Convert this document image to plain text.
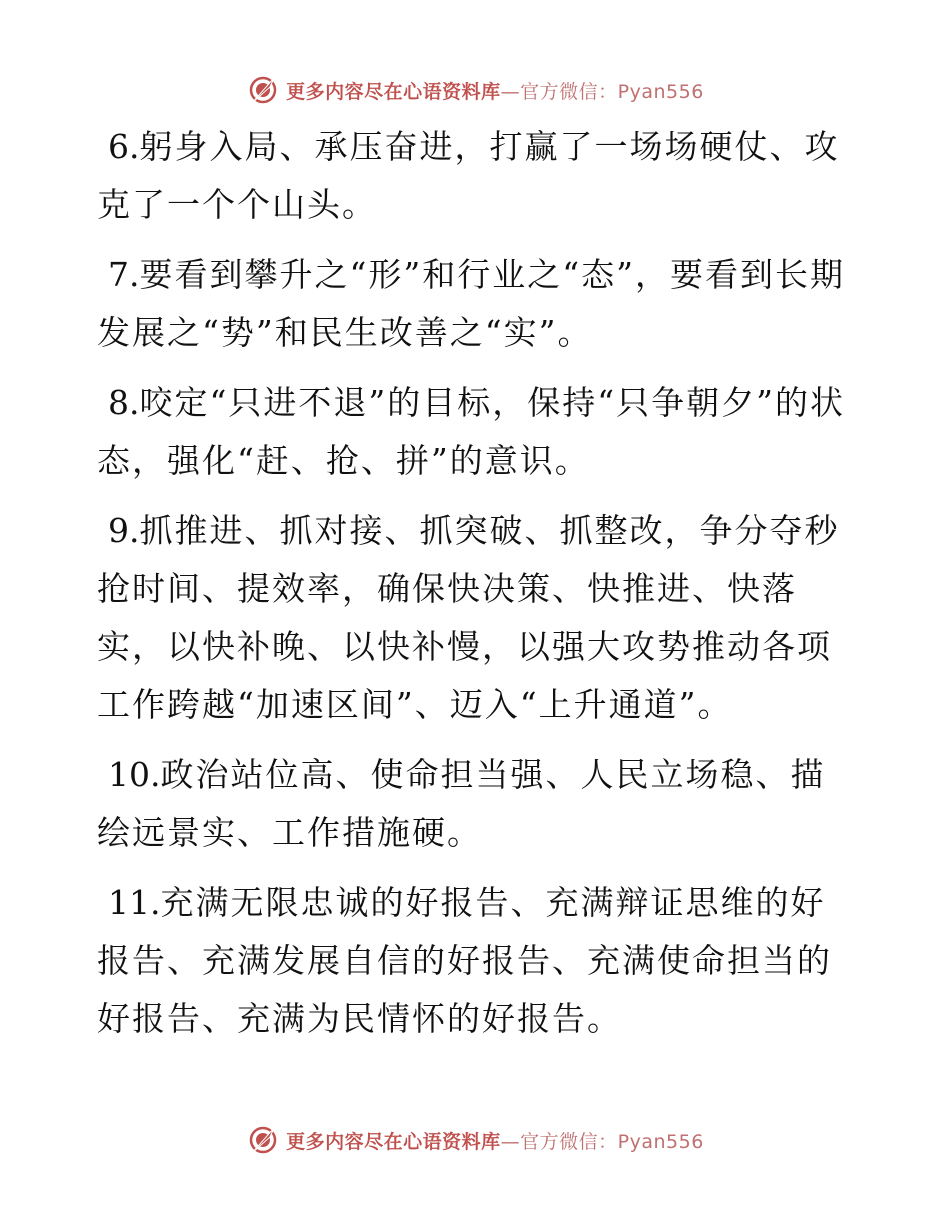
更多内容尽在心语资料库—官方微信：Pyan556

6.躬身入局、承压奋进，打赢了一场场硬仗、攻克了一个个山头。

7.要看到攀升之“形”和行业之“态”，要看到长期发展之“势”和民生改善之“实”。

8.咬定“只进不退”的目标，保持“只争朝夕”的状态，强化“赶、抢、拼”的意识。

9.抓推进、抓对接、抓突破、抓整改，争分夺秒抢时间、提效率，确保快决策、快推进、快落实，以快补晚、以快补慢，以强大攻势推动各项工作跨越“加速区间”、迈入“上升通道”。

10.政治站位高、使命担当强、人民立场稳、描绘远景实、工作措施硬。

11.充满无限忠诚的好报告、充满辩证思维的好报告、充满发展自信的好报告、充满使命担当的好报告、充满为民情怀的好报告。

更多内容尽在心语资料库—官方微信：Pyan556
